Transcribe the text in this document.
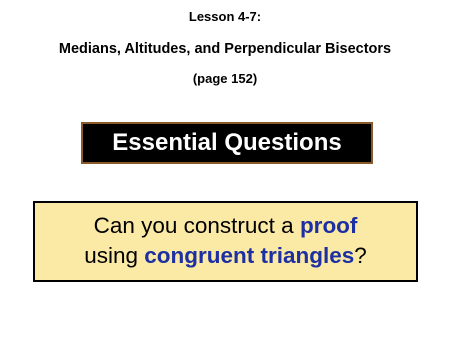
Lesson 4-7:
Medians, Altitudes, and Perpendicular Bisectors
(page 152)
Essential Questions
Can you construct a proof
using congruent triangles?
